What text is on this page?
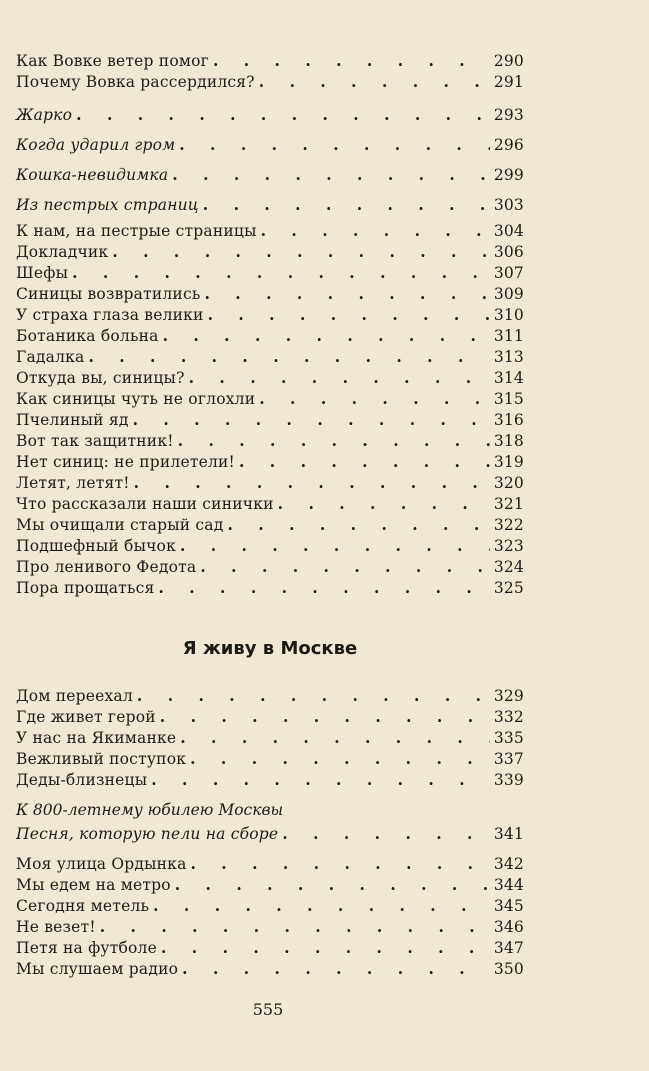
Как Вовке ветер помог . . .	290
Почему Вовка рассердился? . . .	291
Жарко . . .	293
Когда ударил гром . . .	296
Кошка-невидимка . . .	299
Из пестрых страниц . . .	303
К нам, на пестрые страницы . . .	304
Докладчик . . .	306
Шефы . . .	307
Синицы возвратились . . .	309
У страха глаза велики . . .	310
Ботаника больна . . .	311
Гадалка . . .	313
Откуда вы, синицы? . . .	314
Как синицы чуть не оглохли . . .	315
Пчелиный яд . . .	316
Вот так защитник! . . .	318
Нет синиц: не прилетели! . . .	319
Летят, летят! . . .	320
Что рассказали наши синички . . .	321
Мы очищали старый сад . . .	322
Подшефный бычок . . .	323
Про ленивого Федота . . .	324
Пора прощаться . . .	325
Я живу в Москве
Дом переехал . . .	329
Где живет герой . . .	332
У нас на Якиманке . . .	335
Вежливый поступок . . .	337
Деды-близнецы . . .	339
К 800-летнему юбилею Москвы
Песня, которую пели на сборе . . .	341
Моя улица Ордынка . . .	342
Мы едем на метро . . .	344
Сегодня метель . . .	345
Не везет! . . .	346
Петя на футболе . . .	347
Мы слушаем радио . . .	350
555
